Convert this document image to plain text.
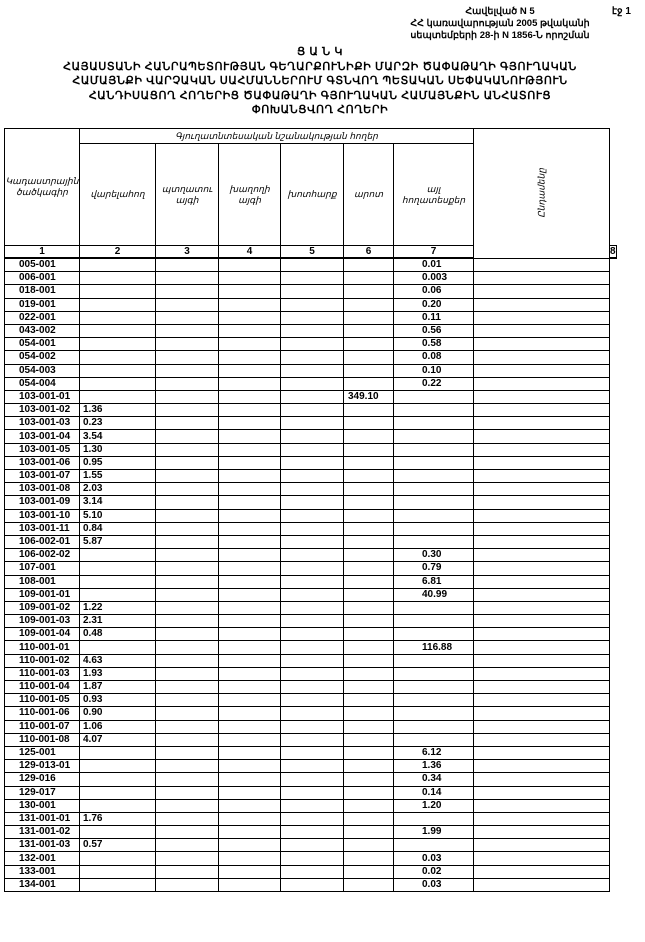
էջ 1
Հավելված N 5
ՀՀ կառավարության 2005 թվականի
սեպտեմբերի 28-ի N 1856-Ն որոշման
Ց Ա Ն Կ
ՀԱՅԱՍՏԱՆԻ ՀԱՆՐԱՊԵՏՈՒԹՅԱՆ ԳԵՂԱՐՔՈՒՆԻՔԻ ՄԱՐԶԻ ԾԱՓԱԹԱՂԻ ԳՅՈՒՂԱԿԱՆ
ՀԱՄԱՅՆՔԻ ՎԱՐՉԱԿԱՆ ՍԱՀՄԱՆՆԵՐՈՒՄ ԳՏՆՎՈՂ ՊԵՏԱԿԱՆ ՍԵՓԱԿԱՆՈՒԹՅՈՒՆ
ՀԱՆԴԻՍԱՑՈՂ ՀՈՂԵՐԻՑ ԾԱՓԱԹԱՂԻ ԳՅՈՒՂԱԿԱՆ ՀԱՄԱՅՆՔԻՆ ԱՆՀԱՏՈՒՑ
ՓՈԽԱՆՑՎՈՂ ՀՈՂԵՐԻ
Կադաստրային ծածկագիր	Գյուղատնտեսական նշանակության հողեր						Ընդամենը	

	վարելահող	պտղատու այգի	խաղողի այգի	խոտհարք	արոտ	այլ հողատեսքեր		
1	2	3	4	5	6	7		8
005-001						0.01		
006-001						0.003		
018-001						0.06		
019-001						0.20		
022-001						0.11		
043-002						0.56		
054-001						0.58		
054-002						0.08		
054-003						0.10		
054-004						0.22		
103-001-01					349.10			
103-001-02	1.36							
103-001-03	0.23							
103-001-04	3.54							
103-001-05	1.30							
103-001-06	0.95							
103-001-07	1.55							
103-001-08	2.03							
103-001-09	3.14							
103-001-10	5.10							
103-001-11	0.84							
106-002-01	5.87							
106-002-02						0.30		
107-001						0.79		
108-001						6.81		
109-001-01						40.99		
109-001-02	1.22							
109-001-03	2.31							
109-001-04	0.48							
110-001-01						116.88		
110-001-02	4.63							
110-001-03	1.93							
110-001-04	1.87							
110-001-05	0.93							
110-001-06	0.90							
110-001-07	1.06							
110-001-08	4.07							
125-001						6.12		
129-013-01						1.36		
129-016						0.34		
129-017						0.14		
130-001						1.20		
131-001-01	1.76							
131-001-02						1.99		
131-001-03	0.57							
132-001						0.03		
133-001						0.02		
134-001						0.03		
